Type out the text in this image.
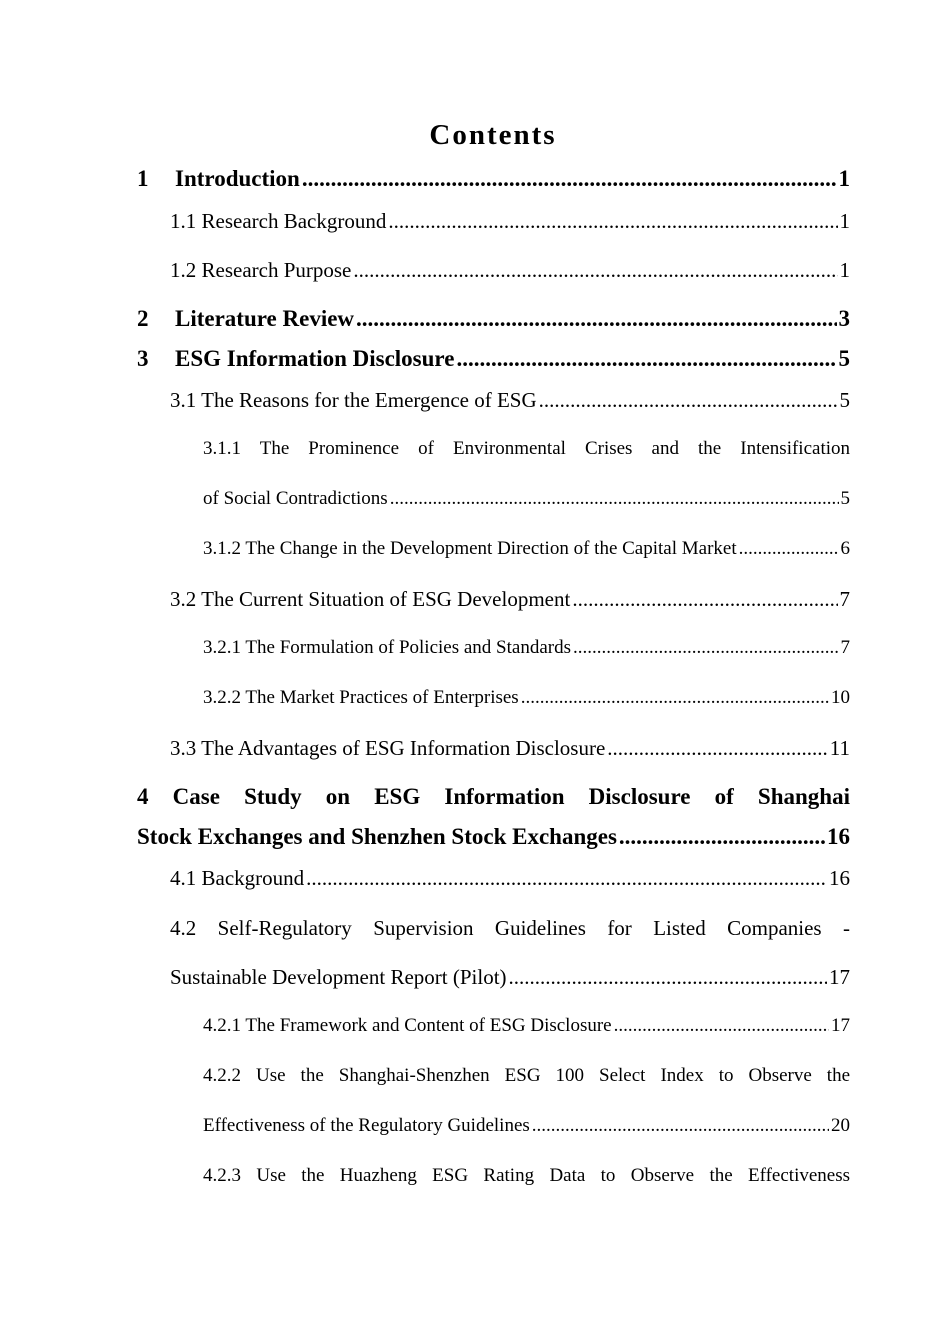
Contents
1 Introduction .....	1
1.1 Research Background .....	1
1.2 Research Purpose .....	1
2 Literature Review .....	3
3 ESG Information Disclosure .....	5
3.1 The Reasons for the Emergence of ESG .....	5
3.1.1 The Prominence of Environmental Crises and the Intensification
of Social Contradictions .....	5
3.1.2 The Change in the Development Direction of the Capital Market .....	6
3.2 The Current Situation of ESG Development .....	7
3.2.1 The Formulation of Policies and Standards .....	7
3.2.2 The Market Practices of Enterprises .....	10
3.3 The Advantages of ESG Information Disclosure .....	11
4 Case Study on ESG Information Disclosure of Shanghai
Stock Exchanges and Shenzhen Stock Exchanges .....	16
4.1 Background .....	16
4.2 Self-Regulatory Supervision Guidelines for Listed Companies -
Sustainable Development Report (Pilot) .....	17
4.2.1 The Framework and Content of ESG Disclosure .....	17
4.2.2 Use the Shanghai-Shenzhen ESG 100 Select Index to Observe the
Effectiveness of the Regulatory Guidelines .....	20
4.2.3 Use the Huazheng ESG Rating Data to Observe the Effectiveness
